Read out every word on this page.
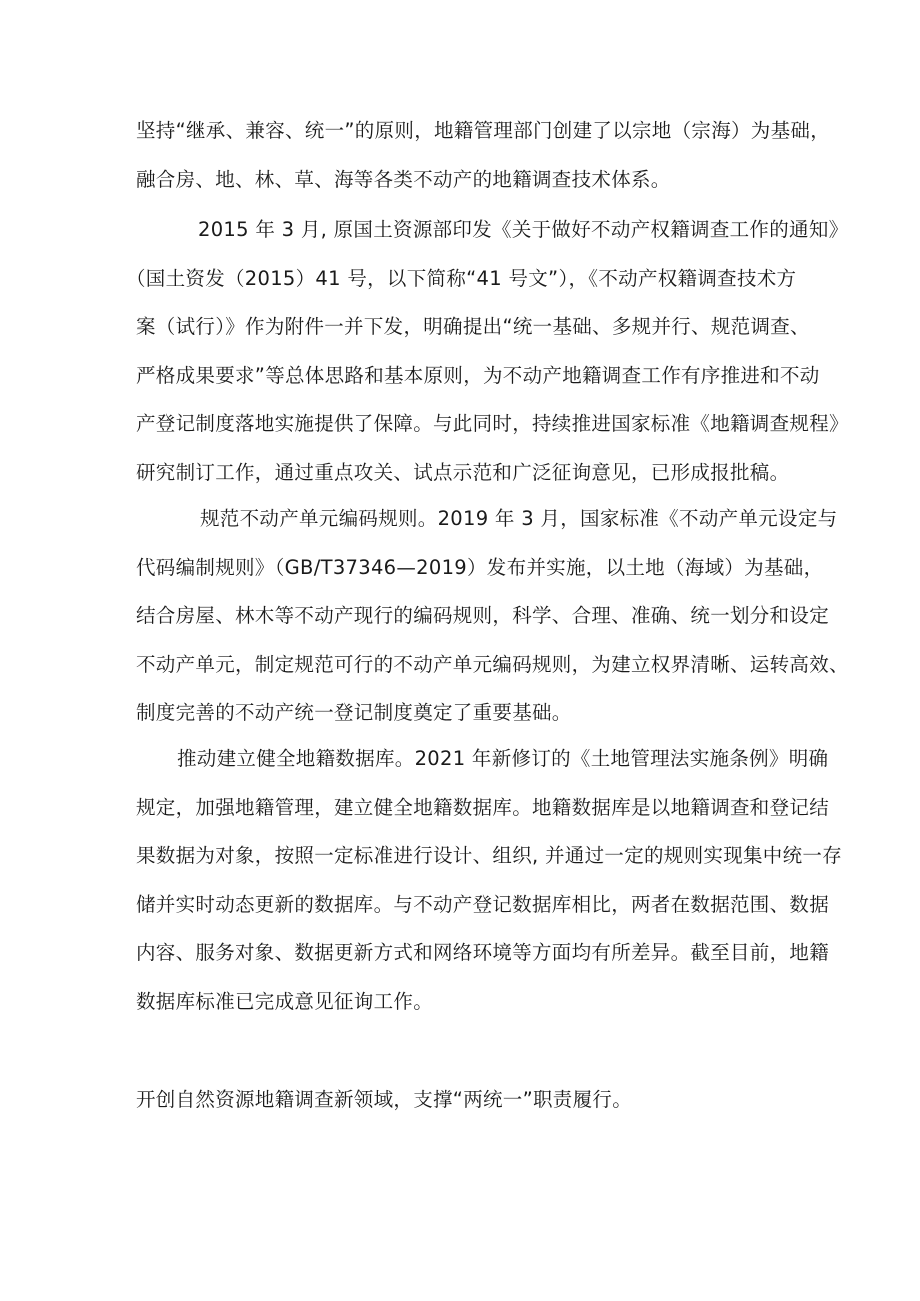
坚持“继承、兼容、统一”的原则，地籍管理部门创建了以宗地（宗海）为基础，
融合房、地、林、草、海等各类不动产的地籍调查技术体系。
2015 年 3 月, 原国土资源部印发《关于做好不动产权籍调查工作的通知》
（国土资发（2015）41 号，以下简称“41 号文”），《不动产权籍调查技术方
案（试行）》作为附件一并下发，明确提出“统一基础、多规并行、规范调查、
严格成果要求”等总体思路和基本原则，为不动产地籍调查工作有序推进和不动
产登记制度落地实施提供了保障。与此同时，持续推进国家标准《地籍调查规程》
研究制订工作，通过重点攻关、试点示范和广泛征询意见，已形成报批稿。
规范不动产单元编码规则。2019 年 3 月，国家标准《不动产单元设定与
代码编制规则》（GB/T37346—2019）发布并实施，以土地（海域）为基础，
结合房屋、林木等不动产现行的编码规则，科学、合理、准确、统一划分和设定
不动产单元，制定规范可行的不动产单元编码规则，为建立权界清晰、运转高效、
制度完善的不动产统一登记制度奠定了重要基础。
推动建立健全地籍数据库。2021 年新修订的《土地管理法实施条例》明确
规定，加强地籍管理，建立健全地籍数据库。地籍数据库是以地籍调查和登记结
果数据为对象，按照一定标准进行设计、组织, 并通过一定的规则实现集中统一存
储并实时动态更新的数据库。与不动产登记数据库相比，两者在数据范围、数据
内容、服务对象、数据更新方式和网络环境等方面均有所差异。截至目前，地籍
数据库标准已完成意见征询工作。
开创自然资源地籍调查新领域，支撑“两统一”职责履行。
